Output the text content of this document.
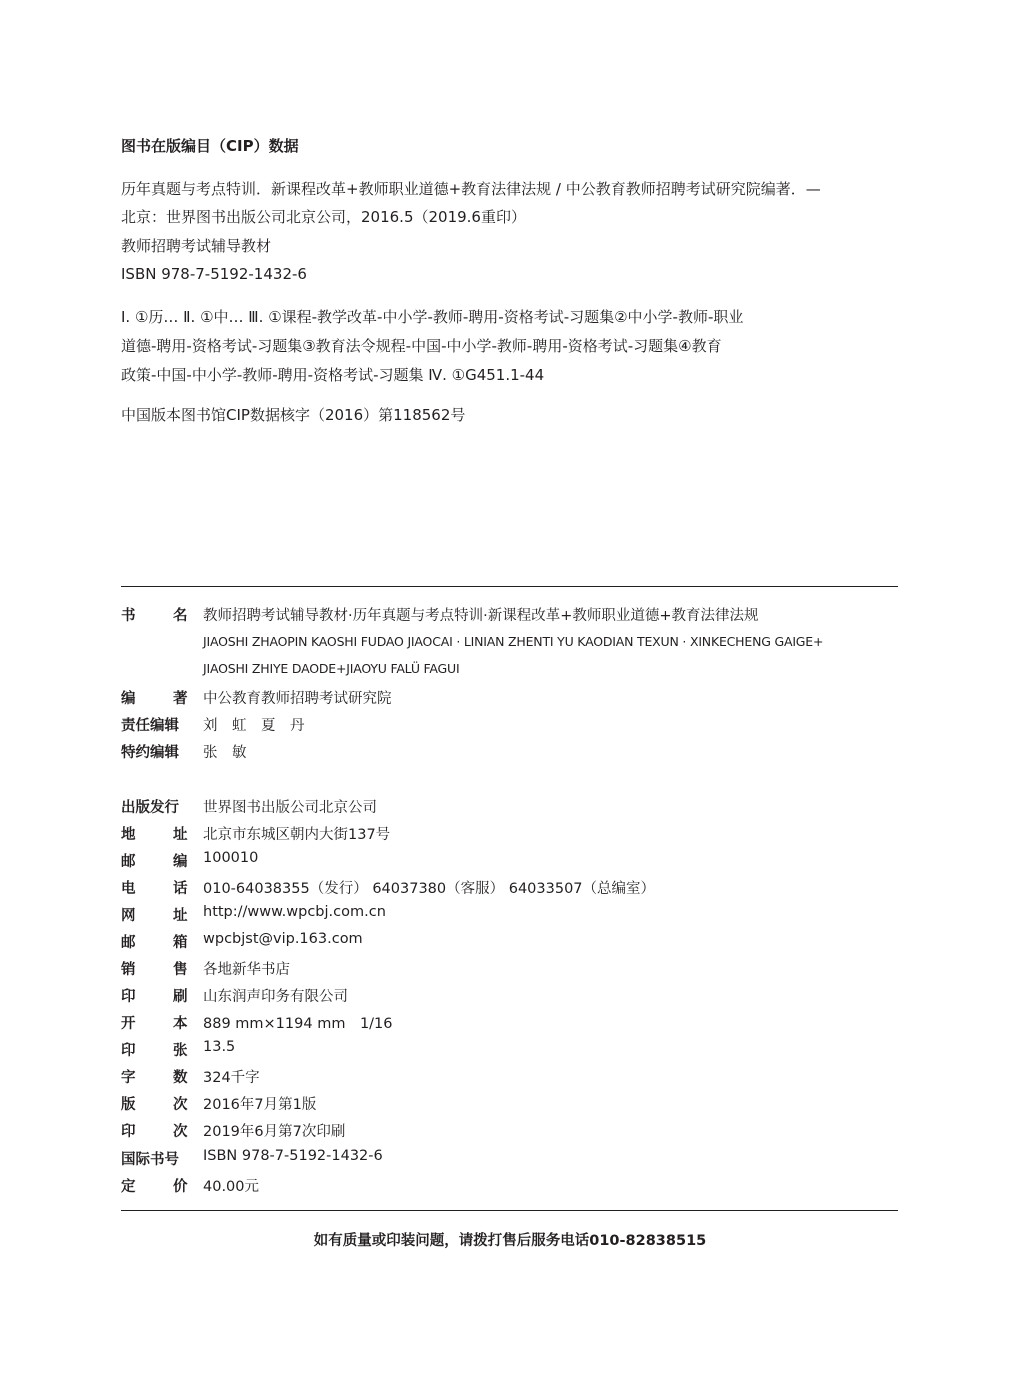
图书在版编目（CIP）数据
历年真题与考点特训．新课程改革+教师职业道德+教育法律法规 / 中公教育教师招聘考试研究院编著．—
北京：世界图书出版公司北京公司，2016.5（2019.6重印）
教师招聘考试辅导教材
ISBN 978-7-5192-1432-6
Ⅰ. ①历… Ⅱ. ①中… Ⅲ. ①课程-教学改革-中小学-教师-聘用-资格考试-习题集②中小学-教师-职业
道德-聘用-资格考试-习题集③教育法令规程-中国-中小学-教师-聘用-资格考试-习题集④教育
政策-中国-中小学-教师-聘用-资格考试-习题集 Ⅳ. ①G451.1-44
中国版本图书馆CIP数据核字（2016）第118562号
书	名 教师招聘考试辅导教材·历年真题与考点特训·新课程改革+教师职业道德+教育法律法规
JIAOSHI ZHAOPIN KAOSHI FUDAO JIAOCAI · LINIAN ZHENTI YU KAODIAN TEXUN · XINKECHENG GAIGE+
JIAOSHI ZHIYE DAODE+JIAOYU FALÜ FAGUI
编	著 中公教育教师招聘考试研究院
责任编辑 刘　虹　夏　丹
特约编辑 张　敏
出版发行 世界图书出版公司北京公司
地	址 北京市东城区朝内大街137号
邮	编 100010
电	话 010-64038355（发行） 64037380（客服） 64033507（总编室）
网	址 http://www.wpcbj.com.cn
邮	箱 wpcbjst@vip.163.com
销	售 各地新华书店
印	刷 山东润声印务有限公司
开	本 889 mm×1194 mm　1/16
印	张 13.5
字	数 324千字
版	次 2016年7月第1版
印	次 2019年6月第7次印刷
国际书号 ISBN 978-7-5192-1432-6
定	价 40.00元
如有质量或印装问题，请拨打售后服务电话010-82838515
